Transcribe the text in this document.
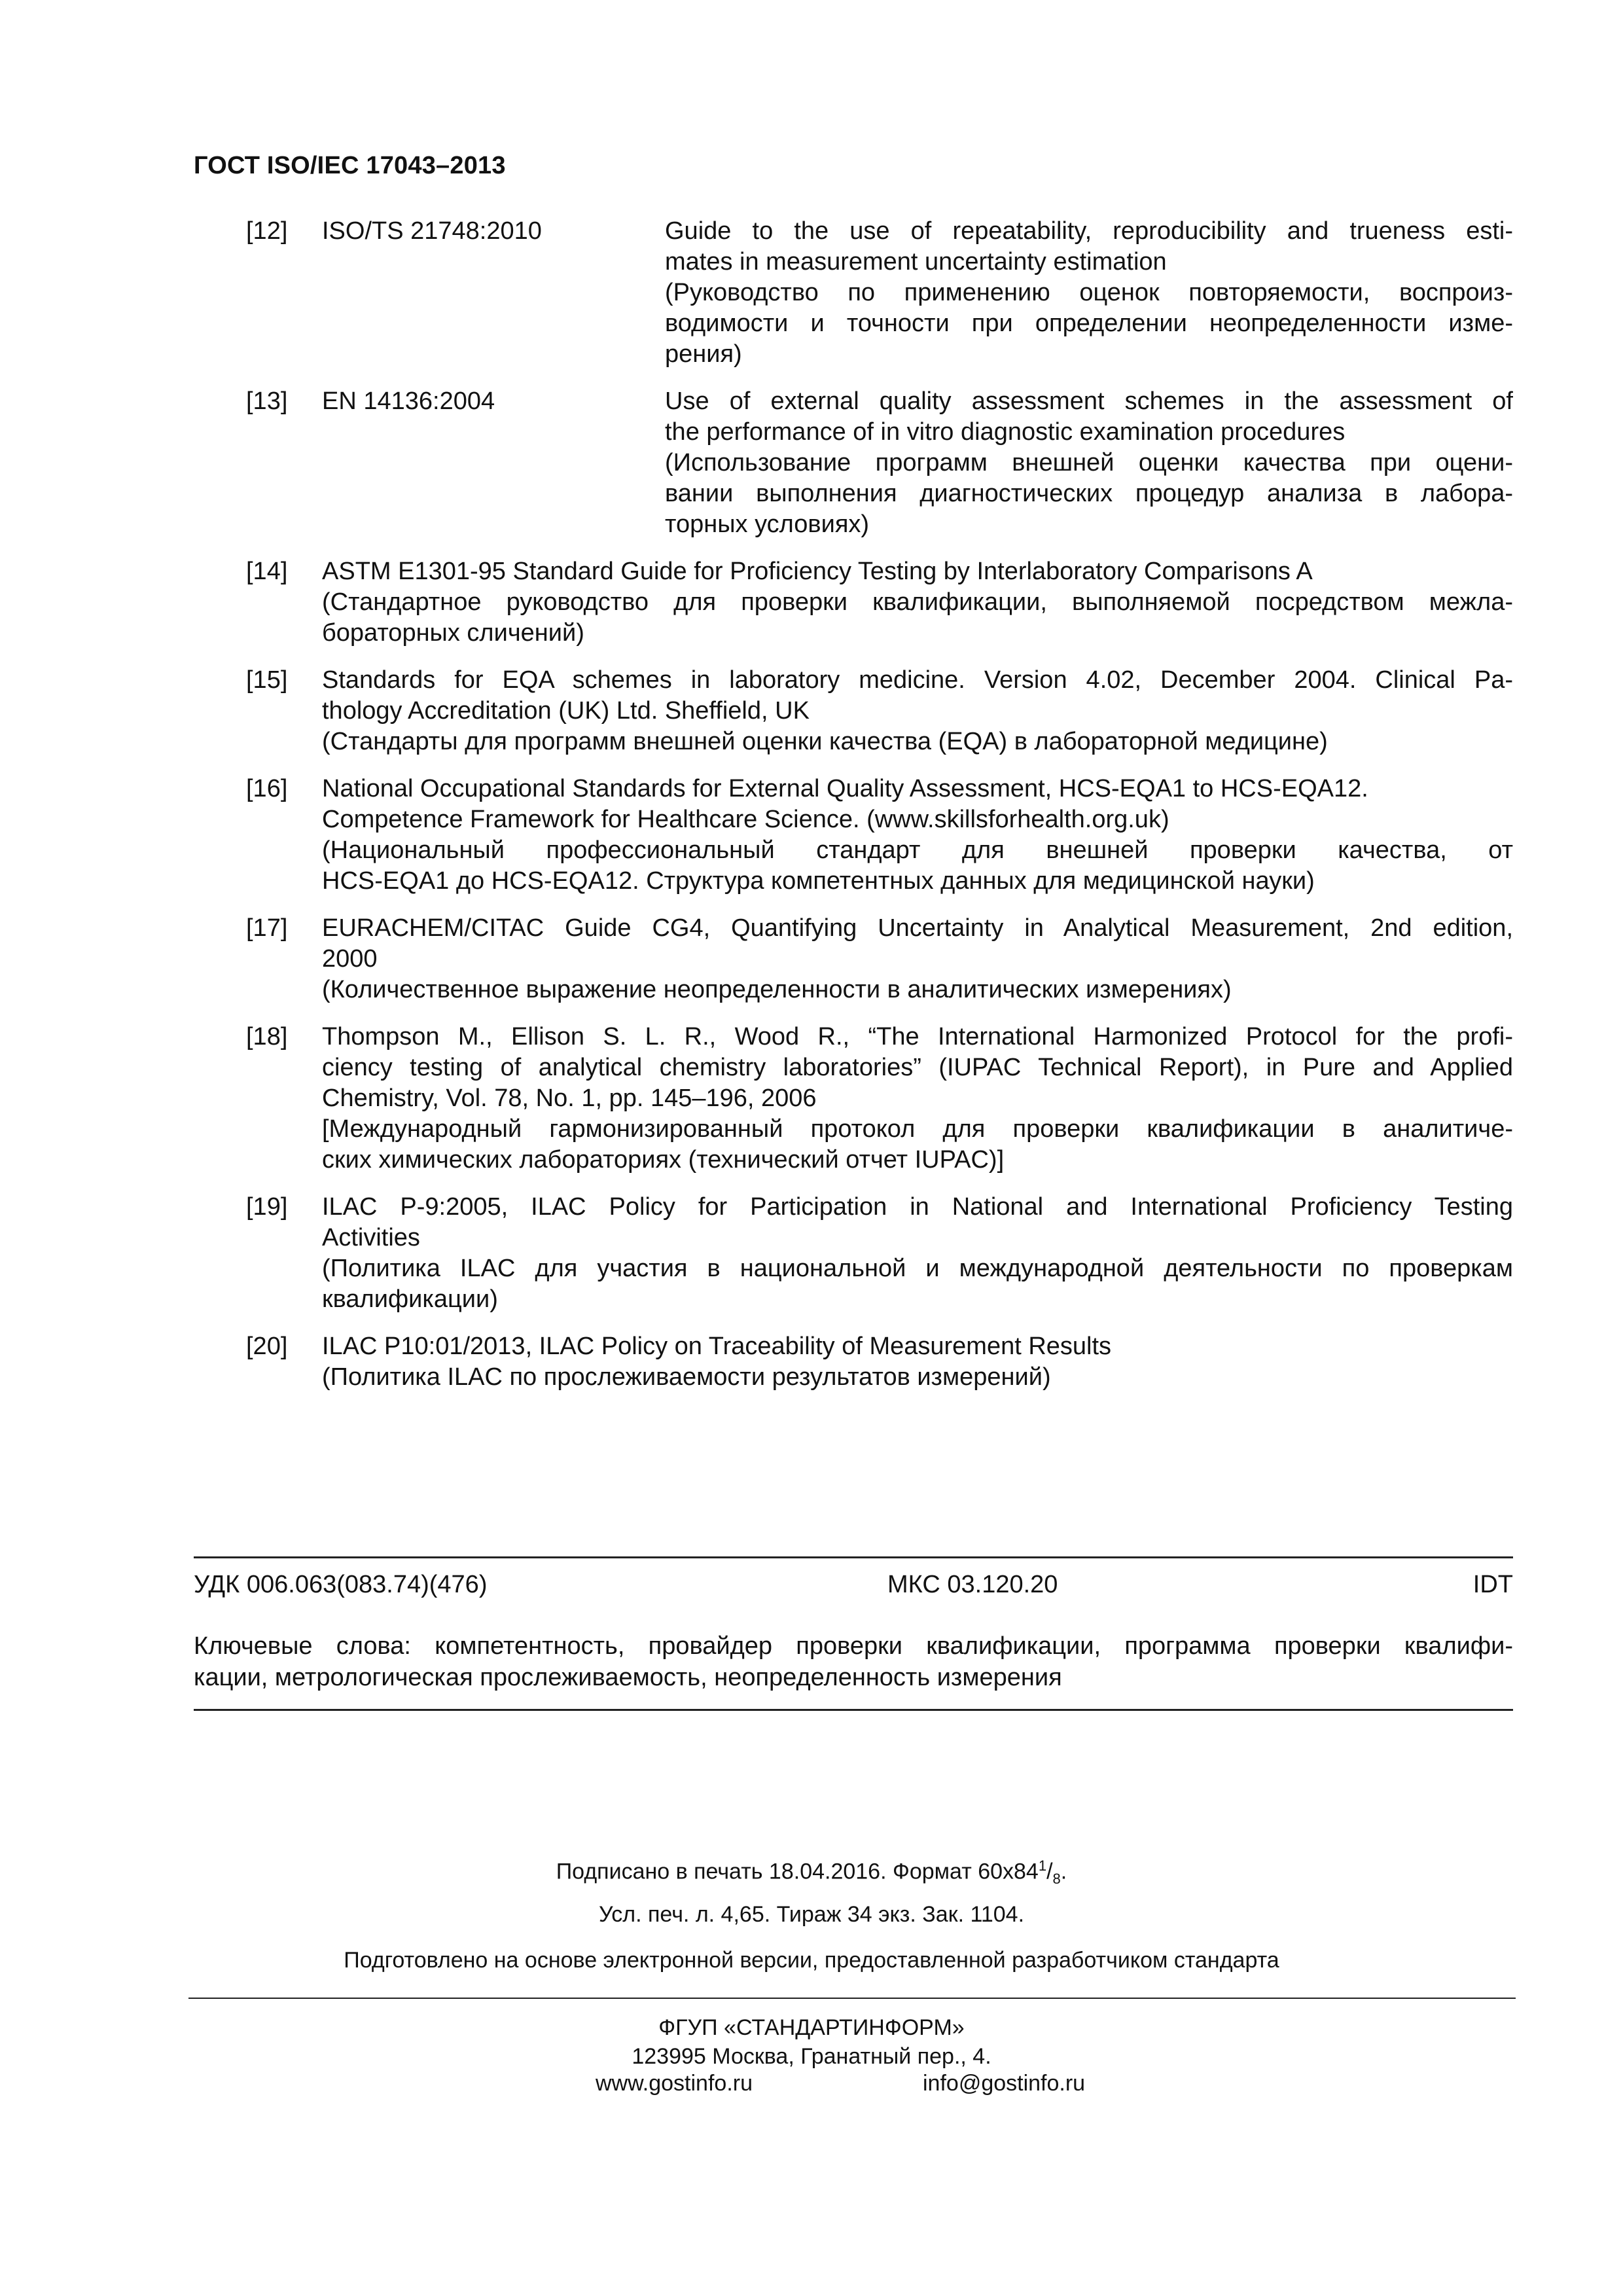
ГОСТ ISO/IEC 17043–2013
[12]	ISO/TS 21748:2010	Guide to the use of repeatability, reproducibility and trueness esti-
mates in measurement uncertainty estimation
(Руководство по применению оценок повторяемости, воспроиз-
водимости и точности при определении неопределенности изме-
рения)
[13]	EN 14136:2004	Use of external quality assessment schemes in the assessment of
the performance of in vitro diagnostic examination procedures
(Использование программ внешней оценки качества при оцени-
вании выполнения диагностических процедур анализа в лабора-
торных условиях)
[14]	ASTM E1301-95 Standard Guide for Proficiency Testing by Interlaboratory Comparisons A
(Стандартное руководство для проверки квалификации, выполняемой посредством межла-
бораторных сличений)
[15]	Standards for EQA schemes in laboratory medicine. Version 4.02, December 2004. Clinical Pa-
thology Accreditation (UK) Ltd. Sheffield, UK
(Стандарты для программ внешней оценки качества (EQA) в лабораторной медицине)
[16]	National Occupational Standards for External Quality Assessment, HCS-EQA1 to HCS-EQA12.
Competence Framework for Healthcare Science. (www.skillsforhealth.org.uk)
(Национальный профессиональный стандарт для внешней проверки качества, от
HCS-EQA1 до HCS-EQA12. Структура компетентных данных для медицинской науки)
[17]	EURACHEM/CITAC Guide CG4, Quantifying Uncertainty in Analytical Measurement, 2nd edition,
2000
(Количественное выражение неопределенности в аналитических измерениях)
[18]	Thompson M., Ellison S. L. R., Wood R., “The International Harmonized Protocol for the profi-
ciency testing of analytical chemistry laboratories” (IUPAC Technical Report), in Pure and Applied
Chemistry, Vol. 78, No. 1, pp. 145–196, 2006
[Международный гармонизированный протокол для проверки квалификации в аналитиче-
ских химических лабораториях (технический отчет IUPAC)]
[19]	ILAC P-9:2005, ILAC Policy for Participation in National and International Proficiency Testing
Activities
(Политика ILAC для участия в национальной и международной деятельности по проверкам
квалификации)
[20]	ILAC P10:01/2013, ILAC Policy on Traceability of Measurement Results
(Политика ILAC по прослеживаемости результатов измерений)
УДК 006.063(083.74)(476)	МКС 03.120.20	IDT
Ключевые слова: компетентность, провайдер проверки квалификации, программа проверки квалифи-
кации, метрологическая прослеживаемость, неопределенность измерения
Подписано в печать 18.04.2016. Формат $60х84^1/_8$.
Усл. печ. л. 4,65. Тираж 34 экз. Зак. 1104.
Подготовлено на основе электронной версии, предоставленной разработчиком стандарта
ФГУП «СТАНДАРТИНФОРМ»
123995 Москва, Гранатный пер., 4.
www.gostinfo.ru	info@gostinfo.ru
